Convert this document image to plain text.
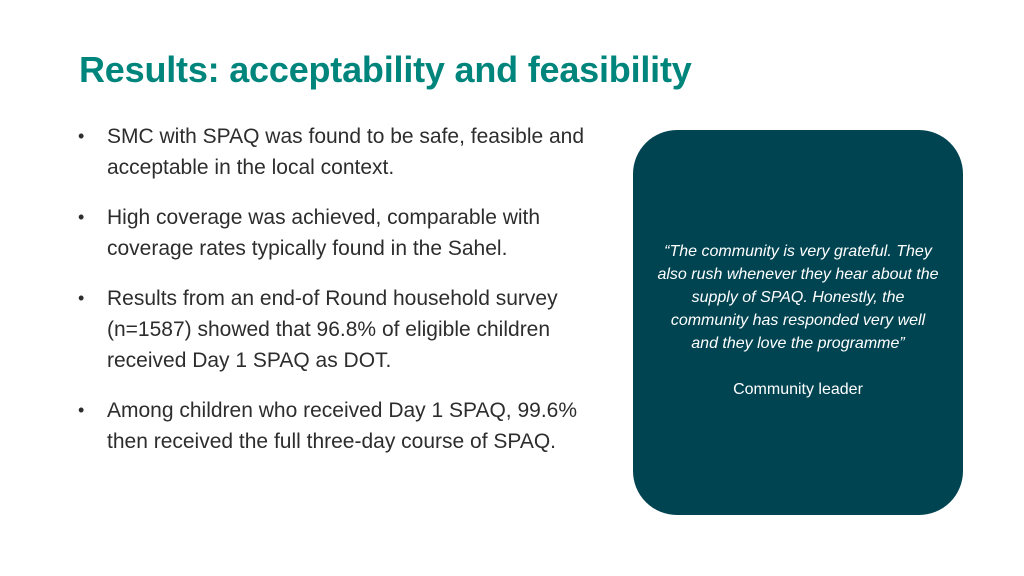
Results: acceptability and feasibility
•	SMC with SPAQ was found to be safe, feasible and acceptable in the local context.
•	High coverage was achieved, comparable with coverage rates typically found in the Sahel.
•	Results from an end-of Round household survey (n=1587) showed that 96.8% of eligible children received Day 1 SPAQ as DOT.
•	Among children who received Day 1 SPAQ, 99.6% then received the full three-day course of SPAQ.

“The community is very grateful. They also rush whenever they hear about the supply of SPAQ. Honestly, the community has responded very well and they love the programme”

Community leader
